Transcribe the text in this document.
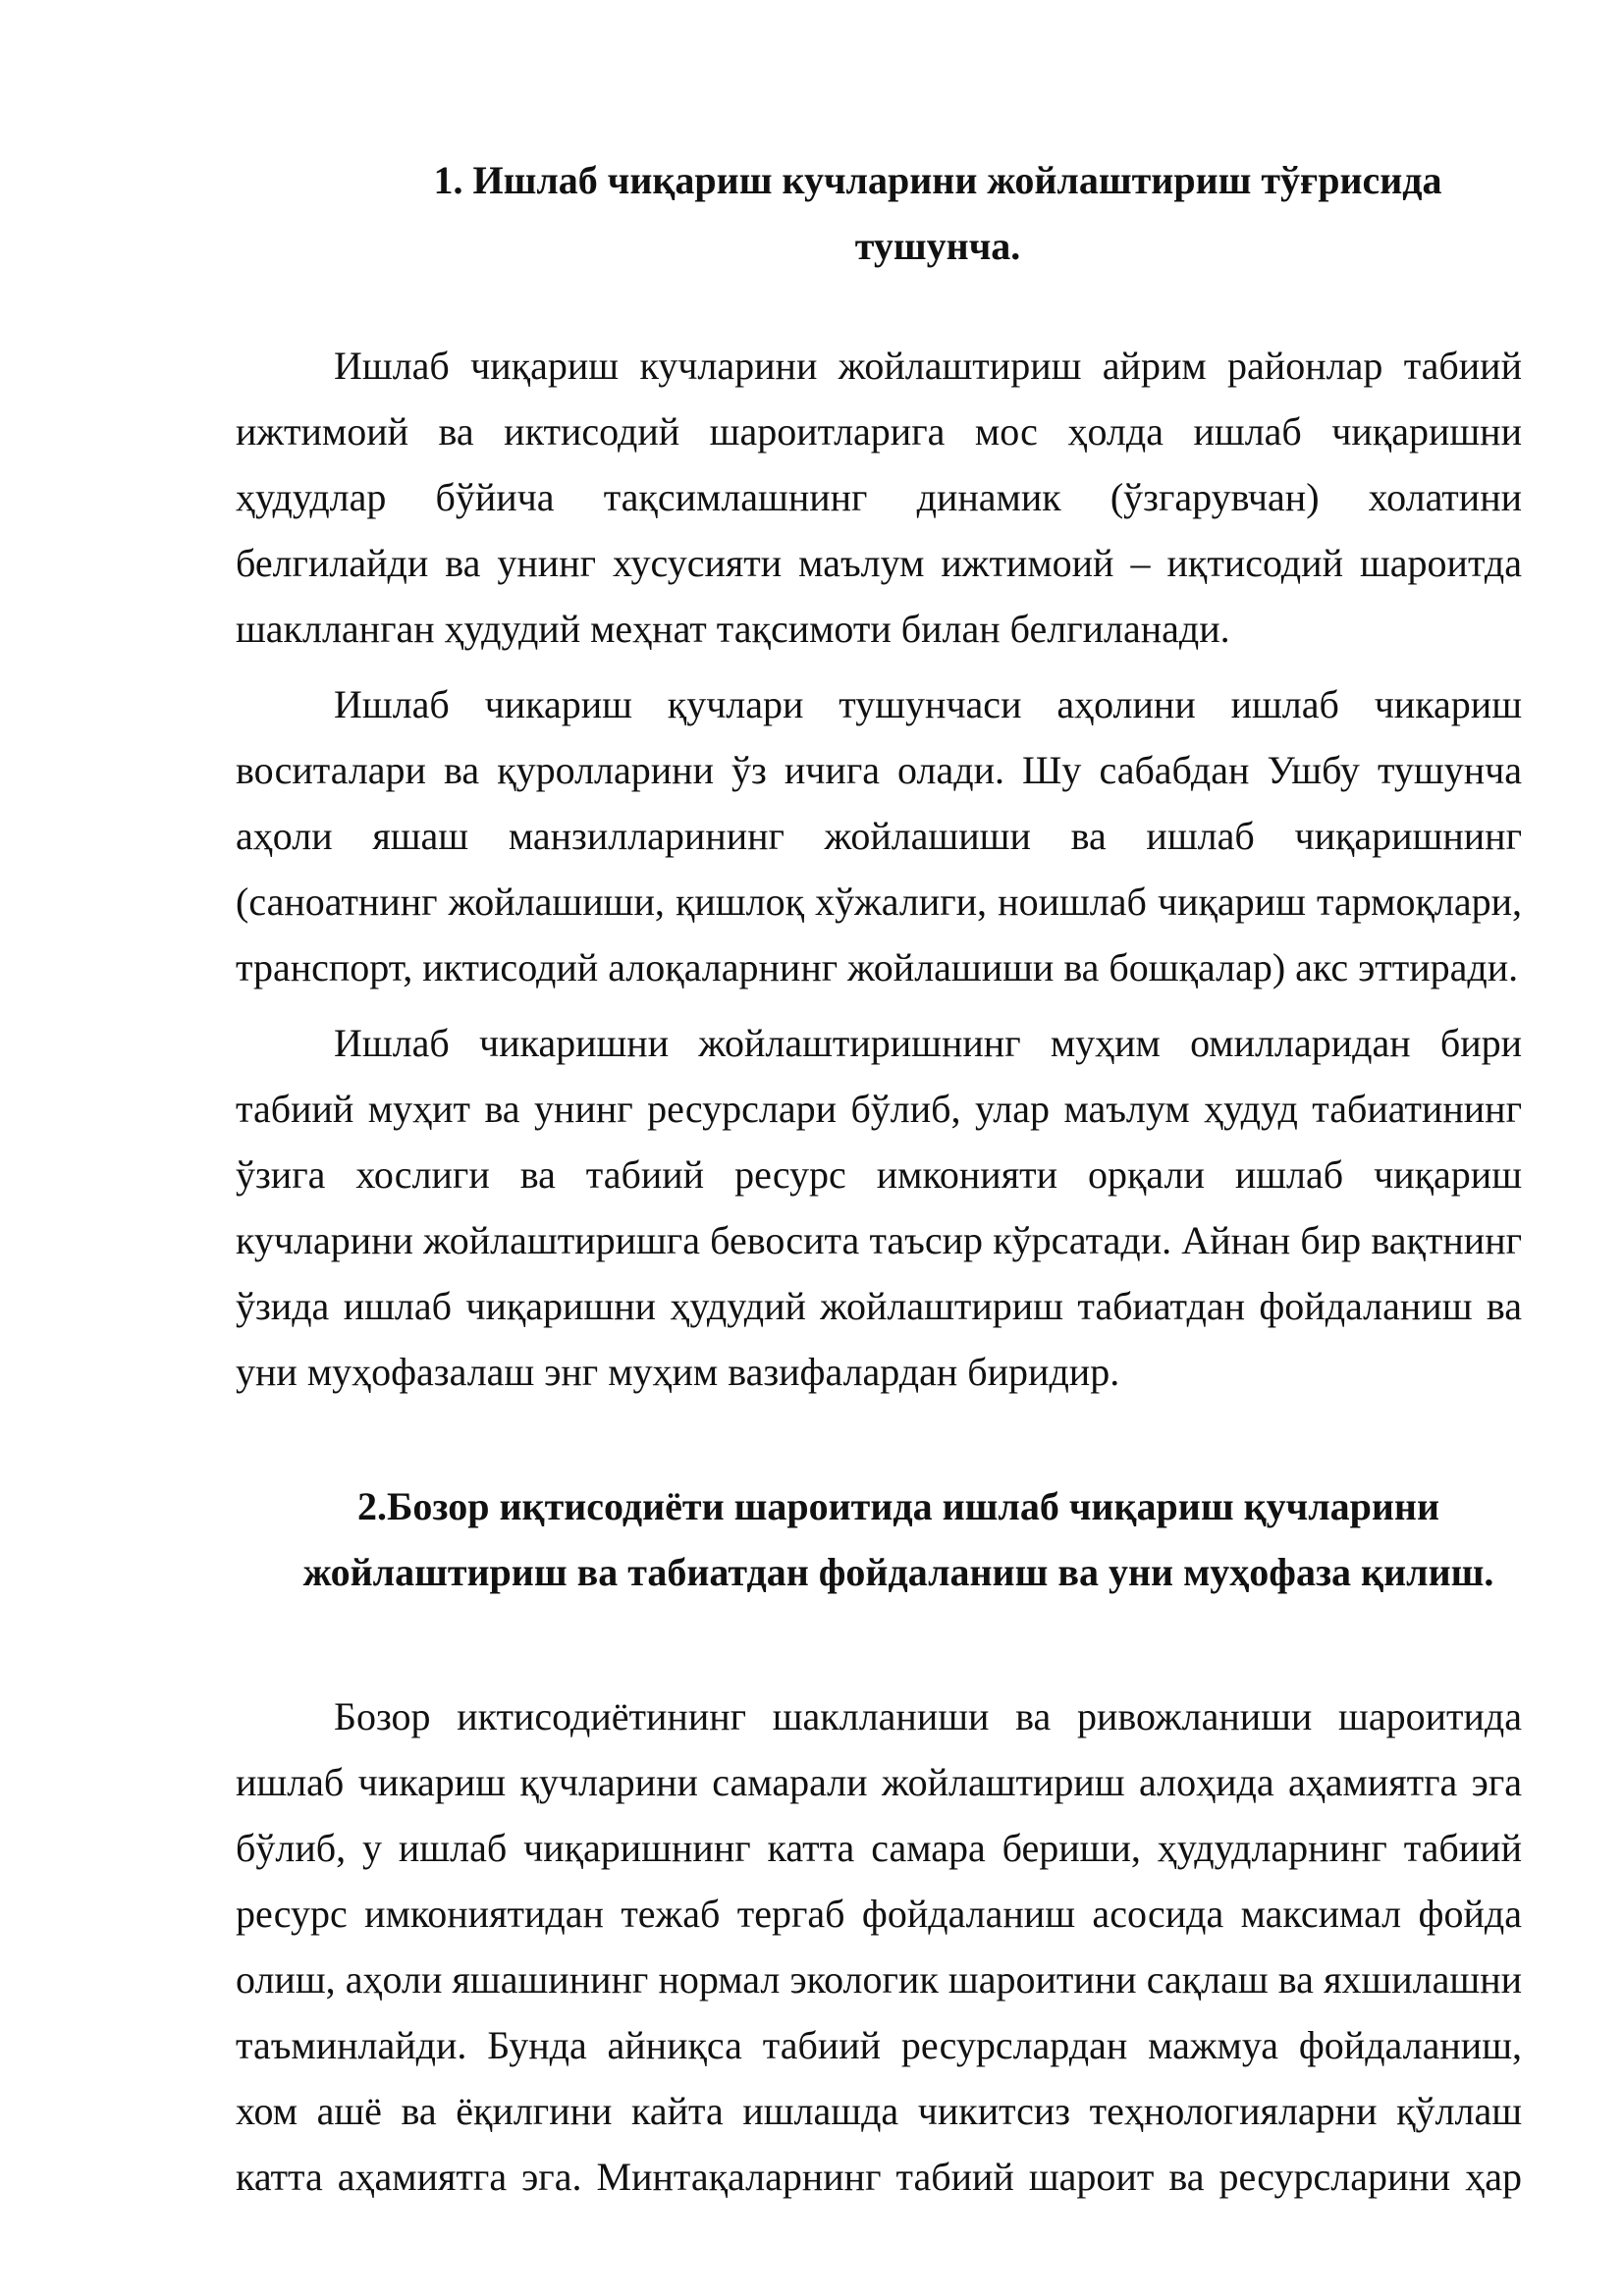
1. Ишлаб чиқариш кучларини жойлаштириш тўғрисида тушунча.

Ишлаб чиқариш кучларини жойлаштириш айрим районлар табиий ижтимоий ва иктисодий шароитларига мос ҳолда ишлаб чиқаришни ҳудудлар бўйича тақсимлашнинг динамик (ўзгарувчан) холатини белгилайди ва унинг хусусияти маълум ижтимоий – иқтисодий шароитда шаклланган ҳудудий меҳнат тақсимоти билан белгиланади.

Ишлаб чикариш қучлари тушунчаси аҳолини ишлаб чикариш воситалари ва қуролларини ўз ичига олади. Шу сабабдан Ушбу тушунча аҳоли яшаш манзилларининг жойлашиши ва ишлаб чиқаришнинг (саноатнинг жойлашиши, қишлоқ хўжалиги, ноишлаб чиқариш тармоқлари, транспорт, иктисодий алоқаларнинг жойлашиши ва бошқалар) акс эттиради.

Ишлаб чикаришни жойлаштиришнинг муҳим омилларидан бири табиий муҳит ва унинг ресурслари бўлиб, улар маълум ҳудуд табиатининг ўзига хослиги ва табиий ресурс имконияти орқали ишлаб чиқариш кучларини жойлаштиришга бевосита таъсир кўрсатади. Айнан бир вақтнинг ўзида ишлаб чиқаришни ҳудудий жойлаштириш табиатдан фойдаланиш ва уни муҳофазалаш энг муҳим вазифалардан биридир.

2.Бозор иқтисодиёти шароитида ишлаб чиқариш қучларини
жойлаштириш ва табиатдан фойдаланиш ва уни муҳофаза қилиш.

Бозор иктисодиётининг шаклланиши ва ривожланиши шароитида ишлаб чикариш қучларини самарали жойлаштириш алоҳида аҳамиятга эга бўлиб, у ишлаб чиқаришнинг катта самара бериши, ҳудудларнинг табиий ресурс имкониятидан тежаб тергаб фойдаланиш асосида максимал фойда олиш, аҳоли яшашининг нормал экологик шароитини сақлаш ва яхшилашни таъминлайди. Бунда айниқса табиий ресурслардан мажмуа фойдаланиш, хом ашё ва ёқилгини кайта ишлашда чикитсиз теҳнологияларни қўллаш катта аҳамиятга эга. Минтақаларнинг табиий шароит ва ресурсларини ҳар
